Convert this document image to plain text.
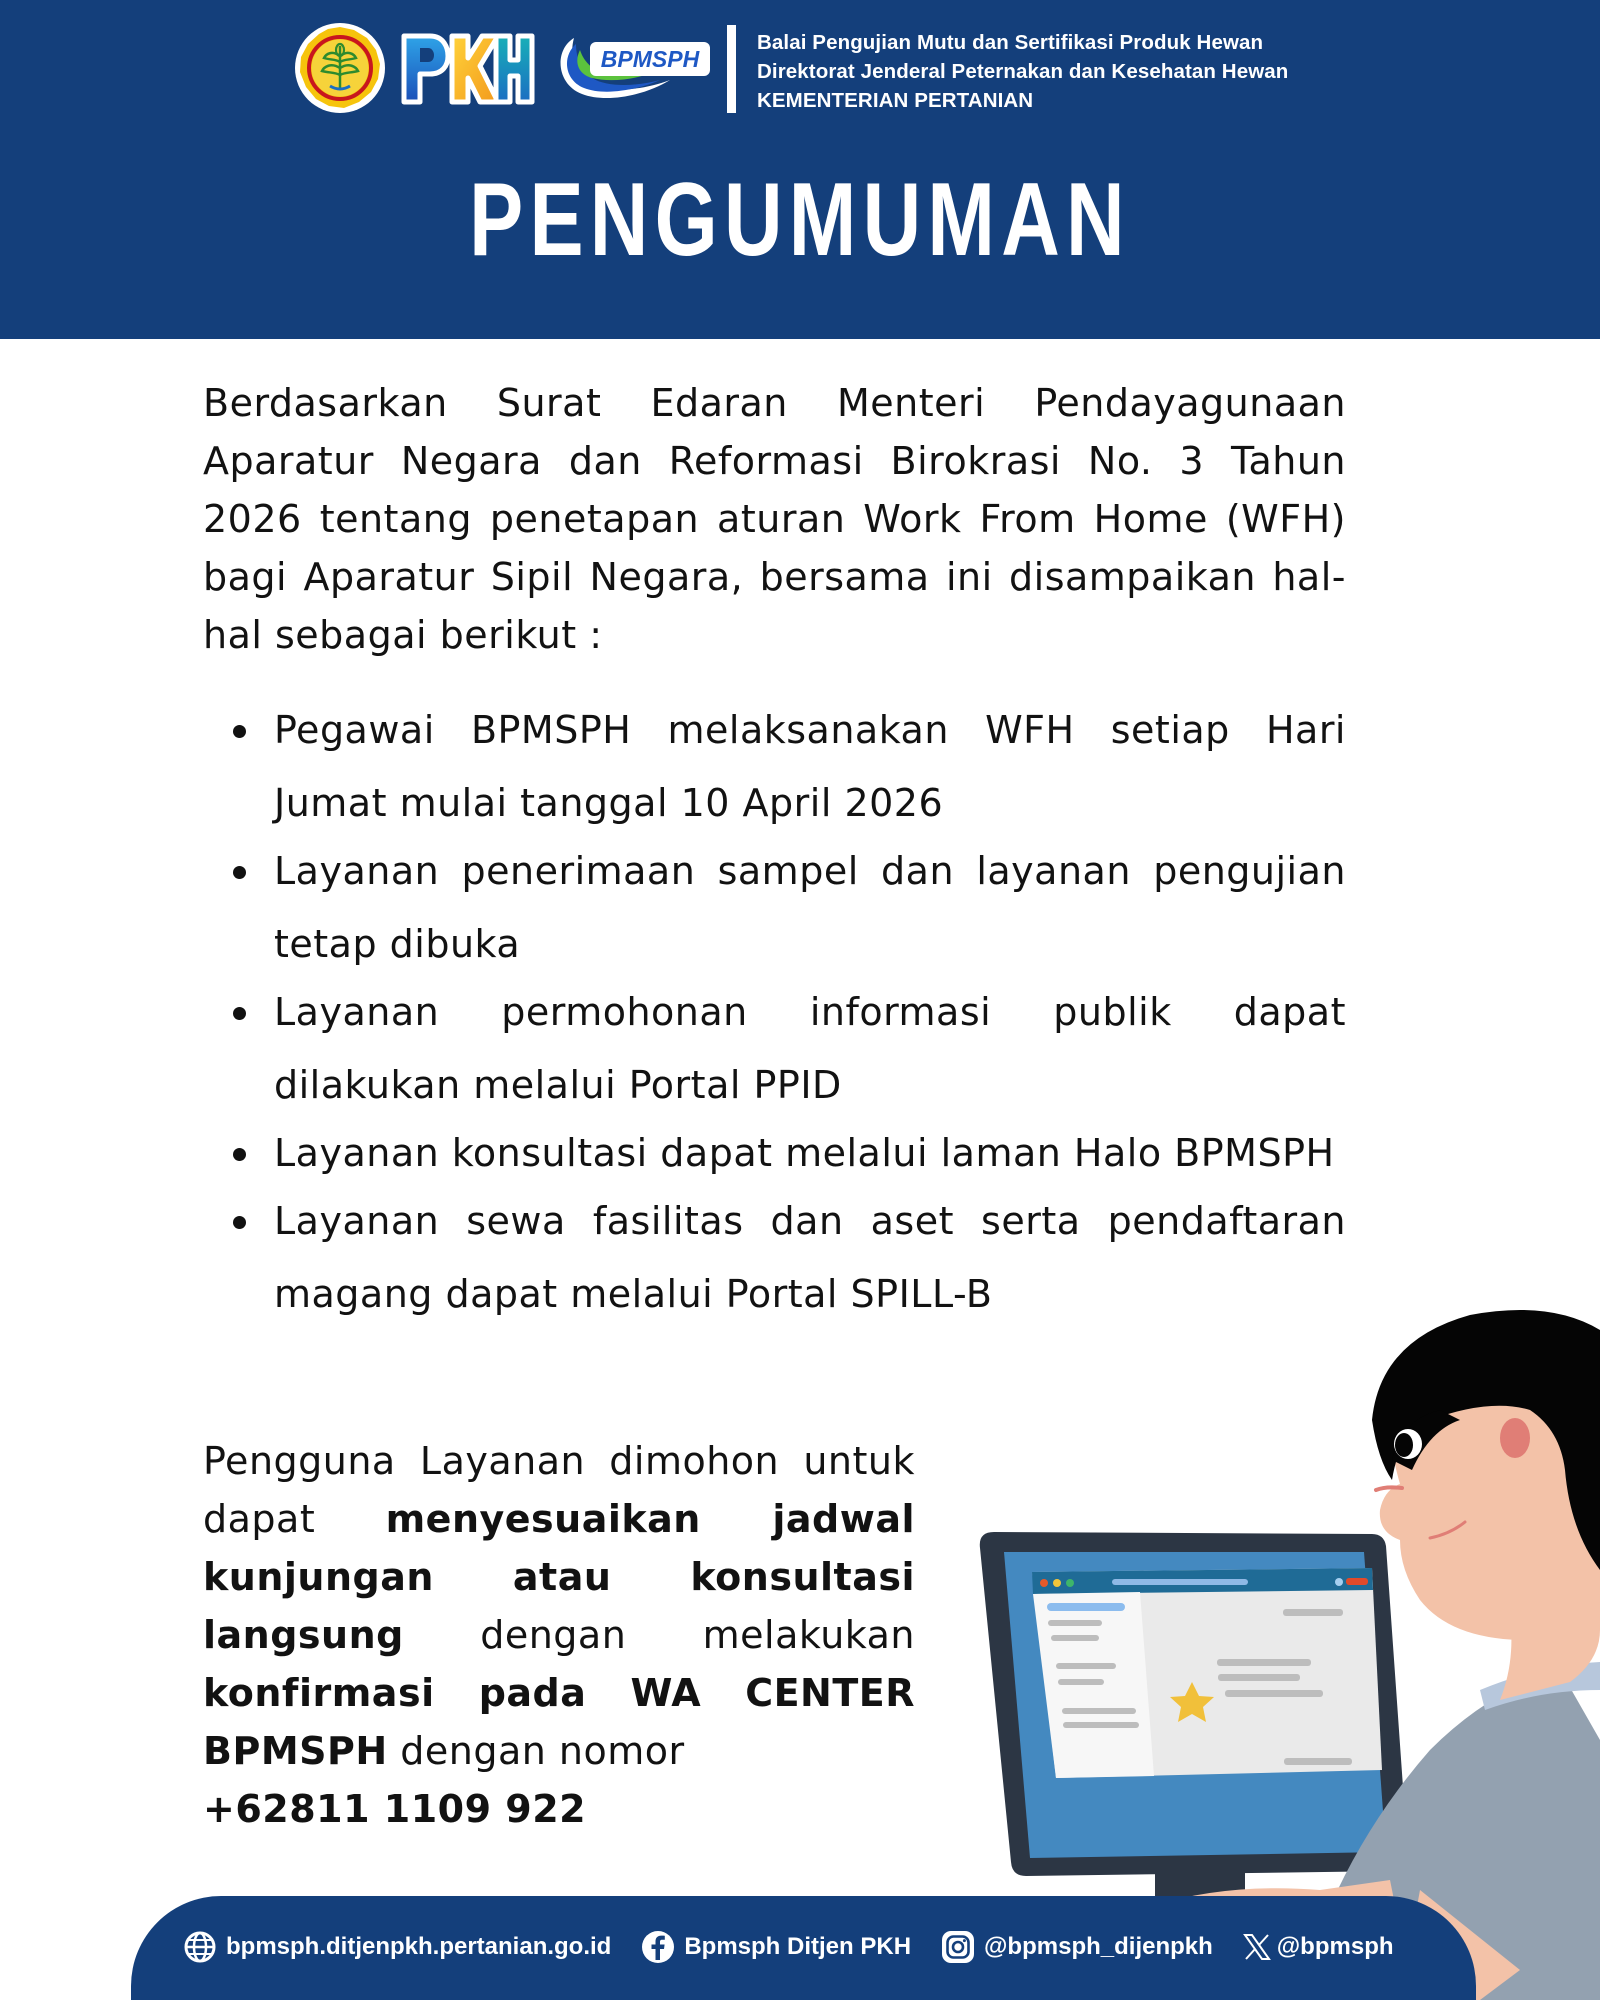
BPMSPH
Balai Pengujian Mutu dan Sertifikasi Produk Hewan
Direktorat Jenderal Peternakan dan Kesehatan Hewan
KEMENTERIAN PERTANIAN
PENGUMUMAN

Berdasarkan Surat Edaran Menteri Pendayagunaan Aparatur Negara dan Reformasi Birokrasi No. 3 Tahun 2026 tentang penetapan aturan Work From Home (WFH) bagi Aparatur Sipil Negara, bersama ini disampaikan hal-hal sebagai berikut :

Pegawai BPMSPH melaksanakan WFH setiap Hari Jumat mulai tanggal 10 April 2026
Layanan penerimaan sampel dan layanan pengujian tetap dibuka
Layanan permohonan informasi publik dapat dilakukan melalui Portal PPID
Layanan konsultasi dapat melalui laman Halo BPMSPH
Layanan sewa fasilitas dan aset serta pendaftaran magang dapat melalui Portal SPILL-B

Pengguna Layanan dimohon untuk dapat menyesuaikan jadwal kunjungan atau konsultasi langsung dengan melakukan konfirmasi pada WA CENTER BPMSPH dengan nomor
+62811 1109 922

bpmsph.ditjenpkh.pertanian.go.id	Bpmsph Ditjen PKH	@bpmsph_dijenpkh	@bpmsph
